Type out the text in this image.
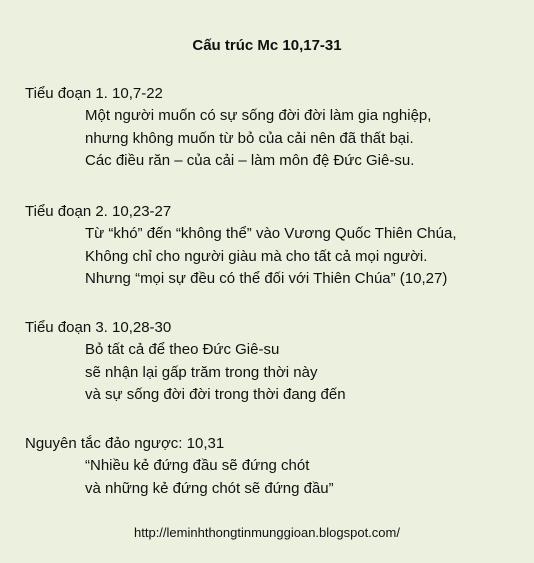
Cấu trúc Mc 10,17-31
Tiểu đoạn 1. 10,7-22
Một người muốn có sự sống đời đời làm gia nghiệp,
nhưng không muốn từ bỏ của cải nên đã thất bại.
Các điều răn – của cải – làm môn đệ Đức Giê-su.
Tiểu đoạn 2. 10,23-27
Từ “khó” đến “không thể” vào Vương Quốc Thiên Chúa,
Không chỉ cho người giàu mà cho tất cả mọi người.
Nhưng “mọi sự đều có thể đối với Thiên Chúa” (10,27)
Tiểu đoạn 3. 10,28-30
Bỏ tất cả để theo Đức Giê-su
sẽ nhận lại gấp trăm trong thời này
và sự sống đời đời trong thời đang đến
Nguyên tắc đảo ngược: 10,31
“Nhiều kẻ đứng đầu sẽ đứng chót
và những kẻ đứng chót sẽ đứng đầu”
http://leminhthongtinmunggioan.blogspot.com/
